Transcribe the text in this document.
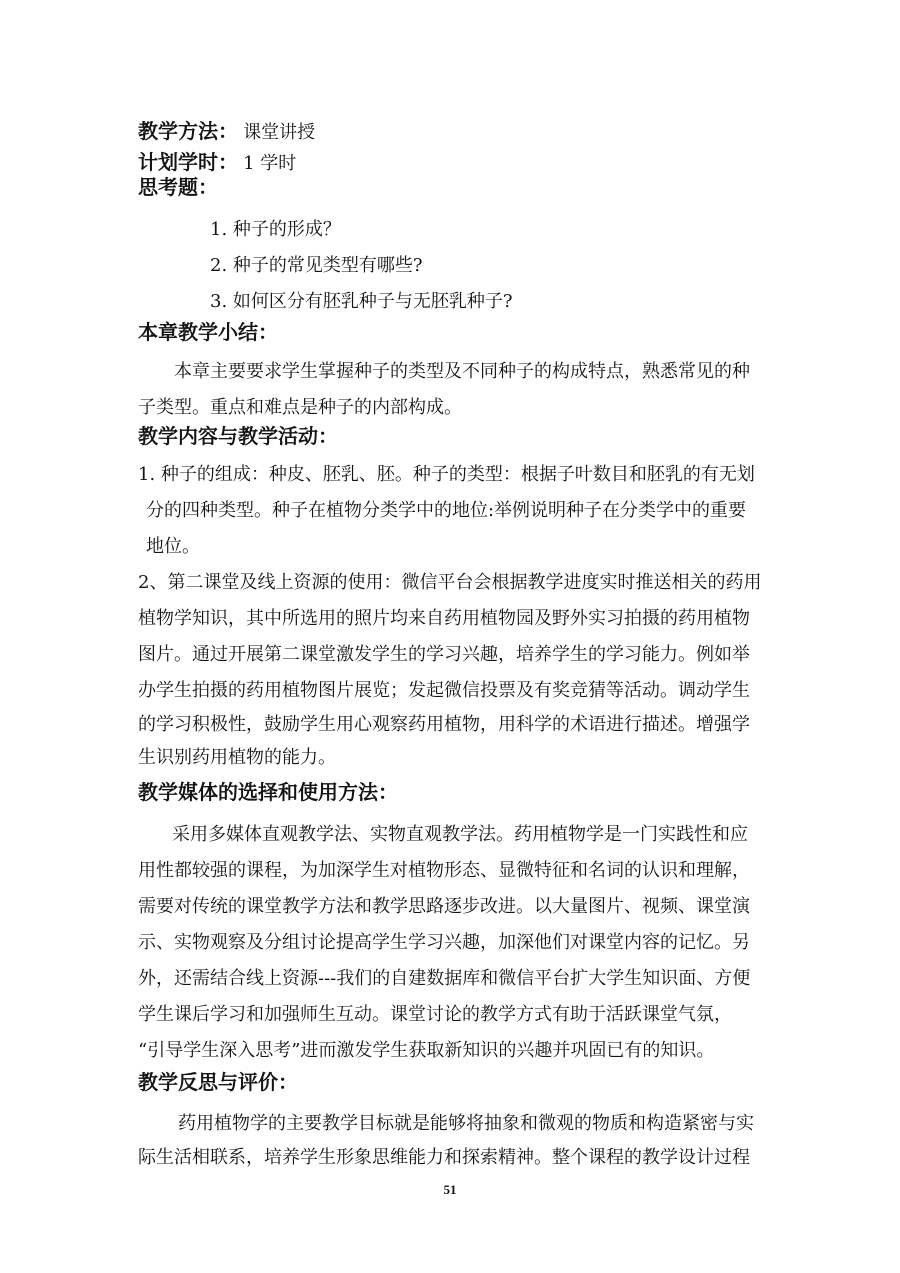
教学方法： 课堂讲授
计划学时： 1 学时
思考题：
1. 种子的形成？
2. 种子的常见类型有哪些?
3. 如何区分有胚乳种子与无胚乳种子?
本章教学小结：
本章主要要求学生掌握种子的类型及不同种子的构成特点，熟悉常见的种
子类型。重点和难点是种子的内部构成。
教学内容与教学活动：
1. 种子的组成：种皮、胚乳、胚。种子的类型：根据子叶数目和胚乳的有无划
分的四种类型。种子在植物分类学中的地位:举例说明种子在分类学中的重要
地位。
2、第二课堂及线上资源的使用：微信平台会根据教学进度实时推送相关的药用
植物学知识，其中所选用的照片均来自药用植物园及野外实习拍摄的药用植物
图片。通过开展第二课堂激发学生的学习兴趣，培养学生的学习能力。例如举
办学生拍摄的药用植物图片展览；发起微信投票及有奖竞猜等活动。调动学生
的学习积极性，鼓励学生用心观察药用植物，用科学的术语进行描述。增强学
生识别药用植物的能力。
教学媒体的选择和使用方法：
采用多媒体直观教学法、实物直观教学法。药用植物学是一门实践性和应
用性都较强的课程，为加深学生对植物形态、显微特征和名词的认识和理解，
需要对传统的课堂教学方法和教学思路逐步改进。以大量图片、视频、课堂演
示、实物观察及分组讨论提高学生学习兴趣，加深他们对课堂内容的记忆。另
外，还需结合线上资源---我们的自建数据库和微信平台扩大学生知识面、方便
学生课后学习和加强师生互动。课堂讨论的教学方式有助于活跃课堂气氛，
“引导学生深入思考”进而激发学生获取新知识的兴趣并巩固已有的知识。
教学反思与评价：
药用植物学的主要教学目标就是能够将抽象和微观的物质和构造紧密与实
际生活相联系，培养学生形象思维能力和探索精神。整个课程的教学设计过程
51
